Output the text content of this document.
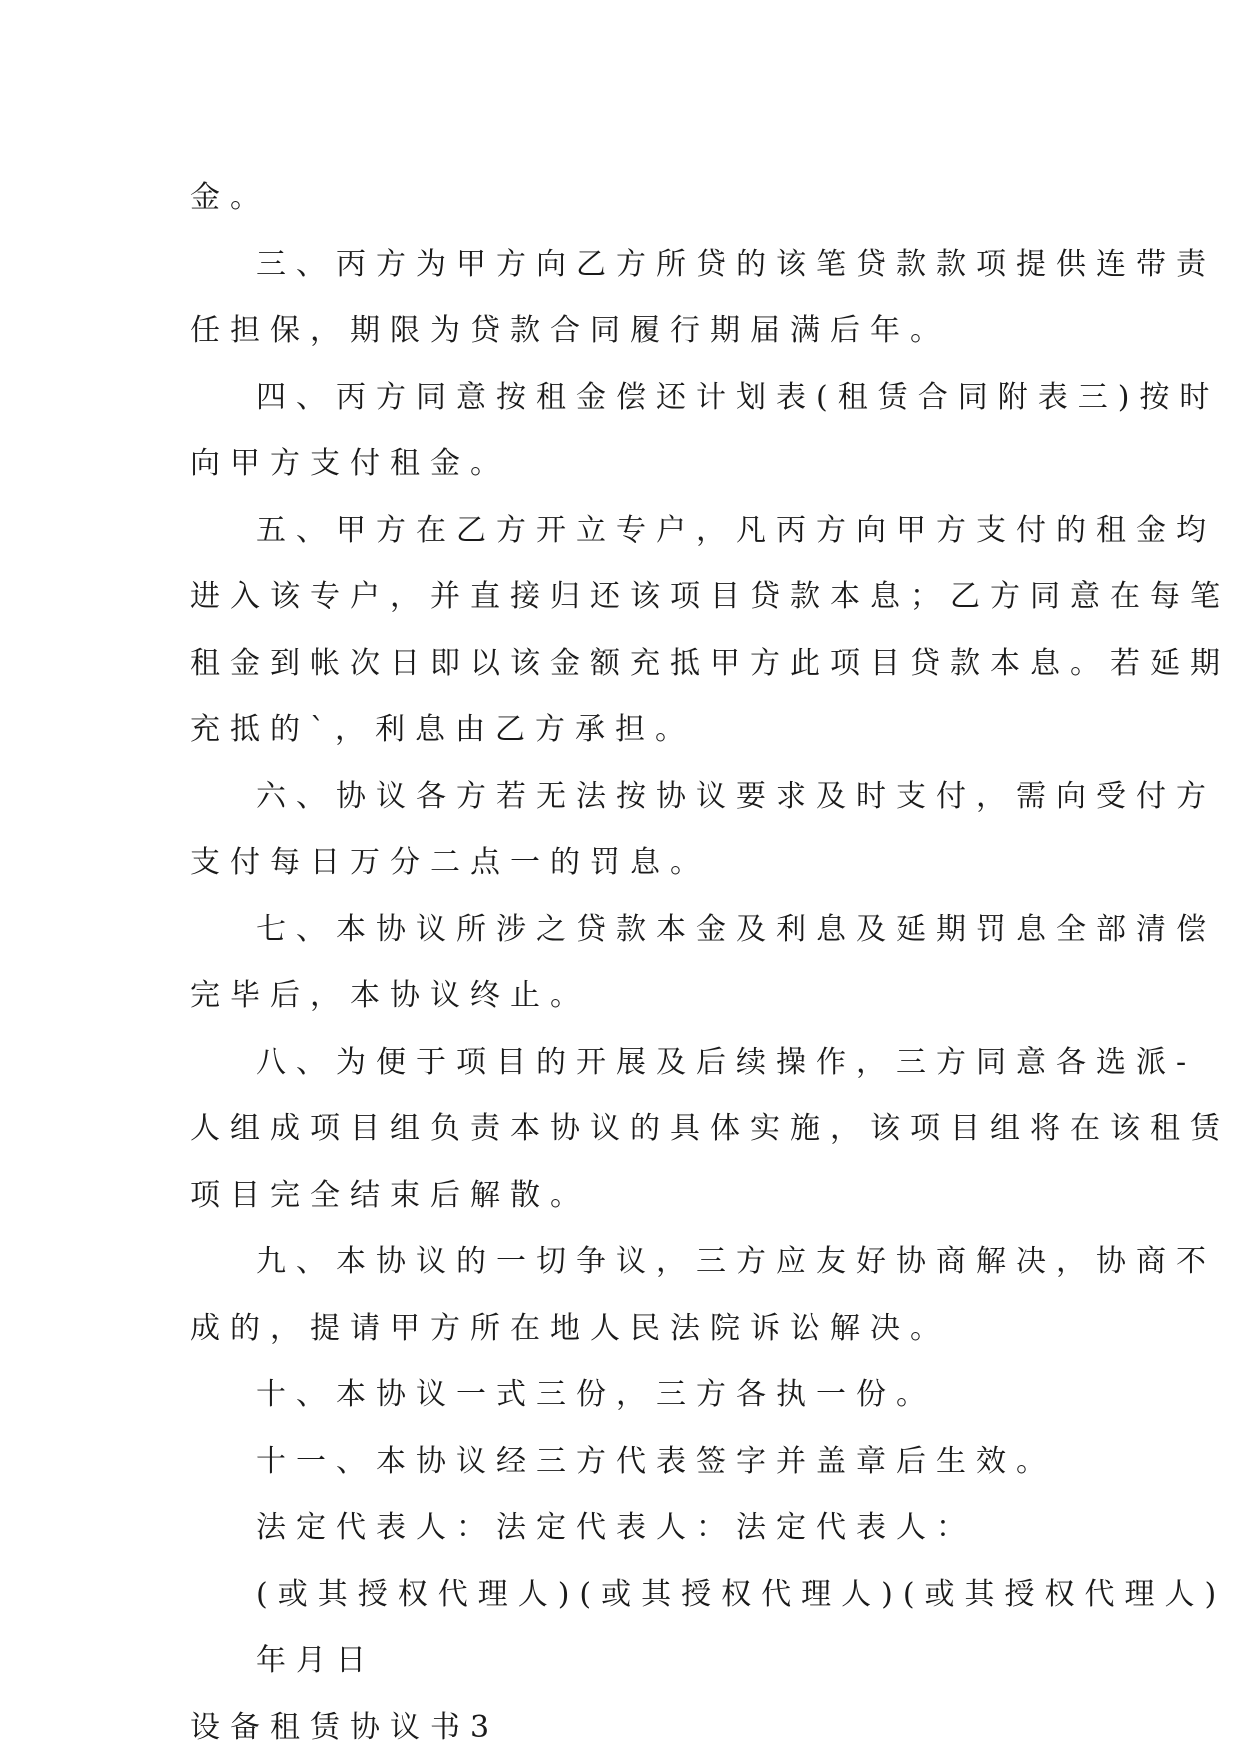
金。
三、丙方为甲方向乙方所贷的该笔贷款款项提供连带责
任担保，期限为贷款合同履行期届满后年。
四、丙方同意按租金偿还计划表(租赁合同附表三)按时
向甲方支付租金。
五、甲方在乙方开立专户，凡丙方向甲方支付的租金均
进入该专户，并直接归还该项目贷款本息；乙方同意在每笔
租金到帐次日即以该金额充抵甲方此项目贷款本息。若延期
充抵的`，利息由乙方承担。
六、协议各方若无法按协议要求及时支付，需向受付方
支付每日万分二点一的罚息。
七、本协议所涉之贷款本金及利息及延期罚息全部清偿
完毕后，本协议终止。
八、为便于项目的开展及后续操作，三方同意各选派-
人组成项目组负责本协议的具体实施，该项目组将在该租赁
项目完全结束后解散。
九、本协议的一切争议，三方应友好协商解决，协商不
成的，提请甲方所在地人民法院诉讼解决。
十、本协议一式三份，三方各执一份。
十一、本协议经三方代表签字并盖章后生效。
法定代表人：法定代表人：法定代表人：
(或其授权代理人)(或其授权代理人)(或其授权代理人)
年月日
设备租赁协议书3
